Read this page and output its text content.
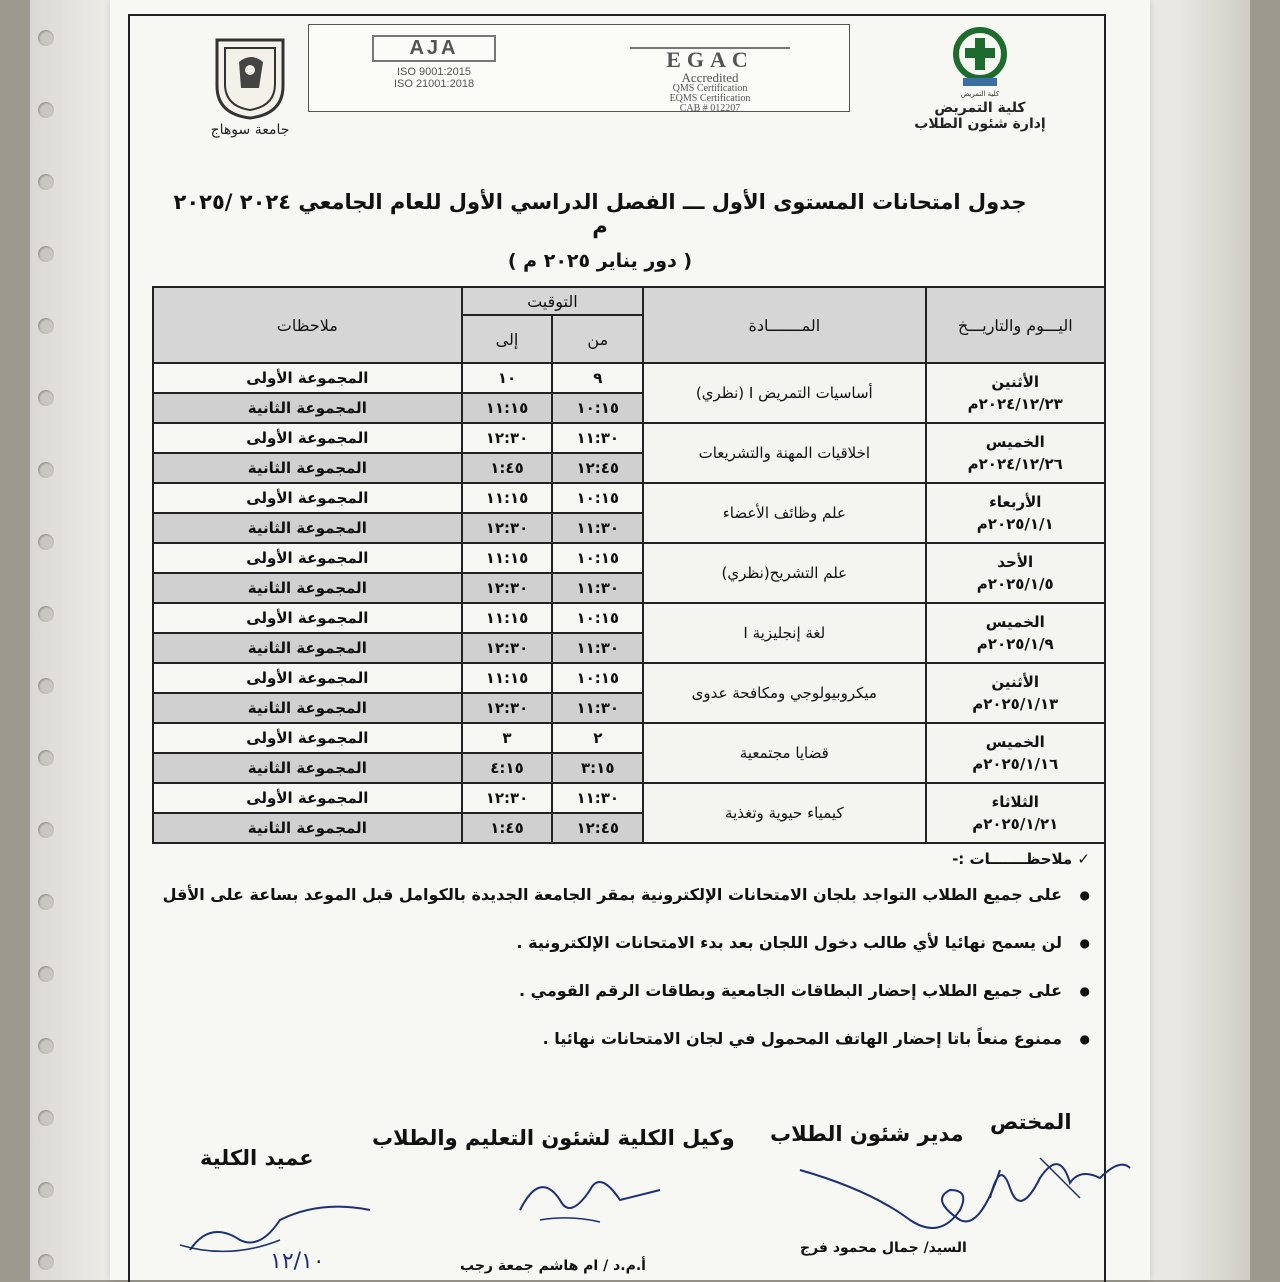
كلية التمريض
كلية التمريض
إدارة شئون الطلاب
جامعة سوهاج
EGAC
Accredited
QMS Certification
EQMS Certification
CAB # 012207
AJA
ISO 9001:2015
ISO 21001:2018
جدول امتحانات المستوى الأول ـــ الفصل الدراسي الأول للعام الجامعي ٢٠٢٤ /٢٠٢٥ م
( دور يناير ٢٠٢٥ م )
اليـــوم والتاريـــخ	المـــــــادة	التوقيت		ملاحظات
		من	إلى	

الأثنين
٢٠٢٤/١٢/٢٣م	أساسيات التمريض I (نظري)	٩	١٠	المجموعة الأولى
		١٠:١٥	١١:١٥	المجموعة الثانية

الخميس
٢٠٢٤/١٢/٢٦م	اخلاقيات المهنة والتشريعات	١١:٣٠	١٢:٣٠	المجموعة الأولى
		١٢:٤٥	١:٤٥	المجموعة الثانية

الأربعاء
٢٠٢٥/١/١م	علم وظائف الأعضاء	١٠:١٥	١١:١٥	المجموعة الأولى
		١١:٣٠	١٢:٣٠	المجموعة الثانية

الأحد
٢٠٢٥/١/٥م	علم التشريح(نظري)	١٠:١٥	١١:١٥	المجموعة الأولى
		١١:٣٠	١٢:٣٠	المجموعة الثانية

الخميس
٢٠٢٥/١/٩م	لغة إنجليزية I	١٠:١٥	١١:١٥	المجموعة الأولى
		١١:٣٠	١٢:٣٠	المجموعة الثانية

الأثنين
٢٠٢٥/١/١٣م	ميكروبيولوجي ومكافحة عدوى	١٠:١٥	١١:١٥	المجموعة الأولى
		١١:٣٠	١٢:٣٠	المجموعة الثانية

الخميس
٢٠٢٥/١/١٦م	قضايا مجتمعية	٢	٣	المجموعة الأولى
		٣:١٥	٤:١٥	المجموعة الثانية

الثلاثاء
٢٠٢٥/١/٢١م	كيمياء حيوية وتغذية	١١:٣٠	١٢:٣٠	المجموعة الأولى
		١٢:٤٥	١:٤٥	المجموعة الثانية
✓ ملاحظـــــــات :-
● على جميع الطلاب التواجد بلجان الامتحانات الإلكترونية بمقر الجامعة الجديدة بالكوامل قبل الموعد بساعة على الأقل
● لن يسمح نهائيا لأي طالب دخول اللجان بعد بدء الامتحانات الإلكترونية .
● على جميع الطلاب إحضار البطاقات الجامعية وبطاقات الرقم القومي .
● ممنوع منعاً باتا إحضار الهاتف المحمول في لجان الامتحانات نهائيا .
المختص
مدير شئون الطلاب
وكيل الكلية لشئون التعليم والطلاب
عميد الكلية
السيد/ جمال محمود فرج
أ.م.د / ام هاشم جمعة رجب
١٢/١٠
